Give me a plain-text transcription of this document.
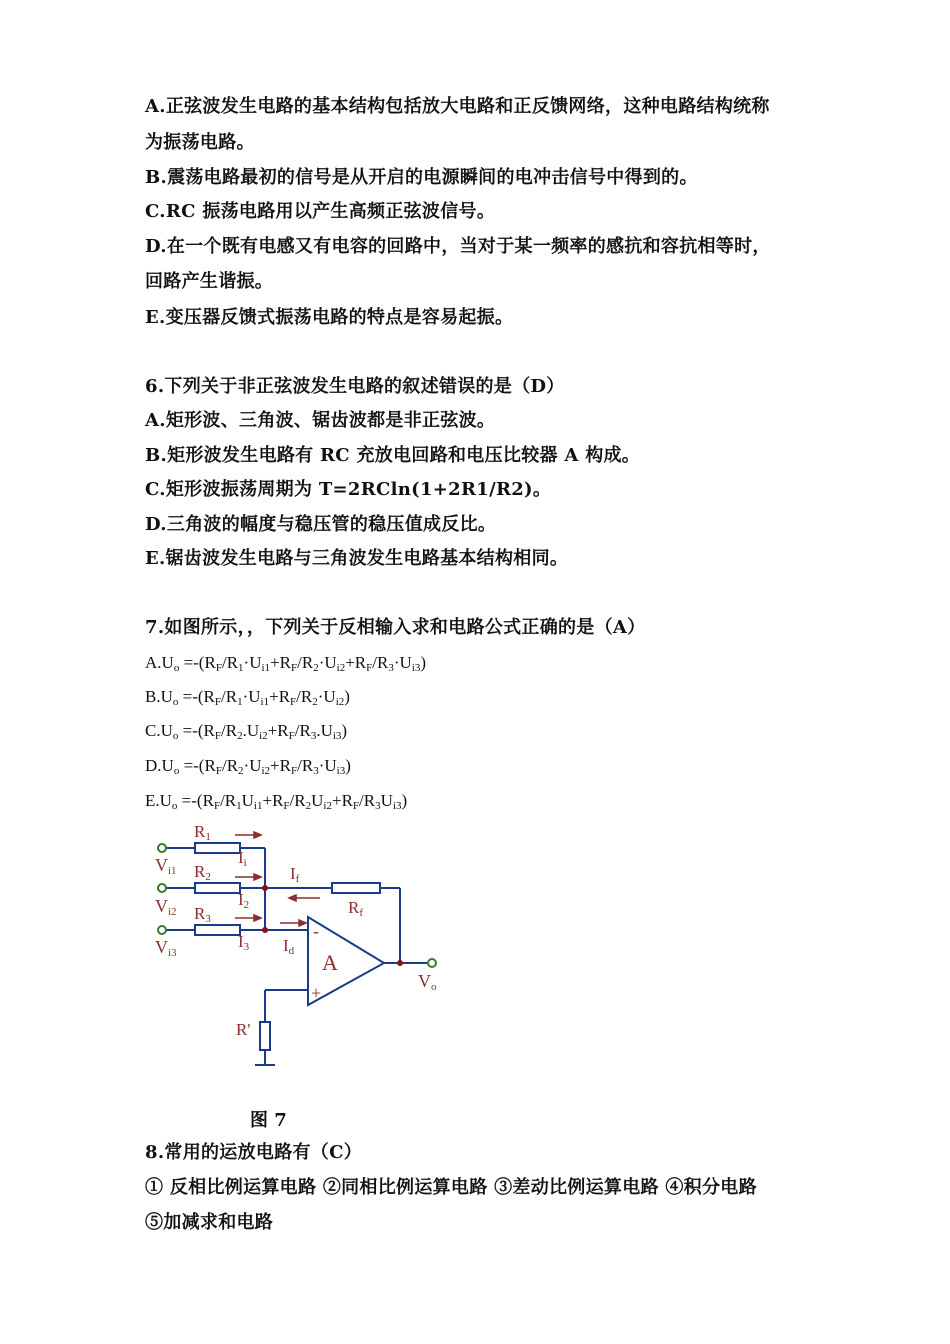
A.正弦波发生电路的基本结构包括放大电路和正反馈网络，这种电路结构统称
为振荡电路。
B.震荡电路最初的信号是从开启的电源瞬间的电冲击信号中得到的。
C.RC 振荡电路用以产生高频正弦波信号。
D.在一个既有电感又有电容的回路中，当对于某一频率的感抗和容抗相等时，
回路产生谐振。
E.变压器反馈式振荡电路的特点是容易起振。
6.下列关于非正弦波发生电路的叙述错误的是（D）
A.矩形波、三角波、锯齿波都是非正弦波。
B.矩形波发生电路有 RC 充放电回路和电压比较器 A 构成。
C.矩形波振荡周期为 T=2RCln(1+2R1/R2)。
D.三角波的幅度与稳压管的稳压值成反比。
E.锯齿波发生电路与三角波发生电路基本结构相同。
7.如图所示，，下列关于反相输入求和电路公式正确的是（A）
$A.U_o =-(R_F/R_1\cdot U_{i1}+R_F/R_2\cdot U_{i2}+R_F/R_3\cdot U_{i3})$
$B.U_o =-(R_F/R_1\cdot U_{i1}+R_F/R_2\cdot U_{i2})$
$C.U_o =-(R_F/R_2.U_{i2}+R_F/R_3.U_{i3})$
$D.U_o =-(R_F/R_2\cdot U_{i2}+R_F/R_3\cdot U_{i3})$
$E.U_o =-(R_F/R_1U_{i1}+R_F/R_2U_{i2}+R_F/R_3U_{i3})$
R1
R2
R3
Rf
R'
Vi1
Vi2
Vi3
Vo
Ii
I2
I3
If
Id A
-
+
图 7
8.常用的运放电路有（C）
① 反相比例运算电路 ②同相比例运算电路 ③差动比例运算电路 ④积分电路
⑤加减求和电路
